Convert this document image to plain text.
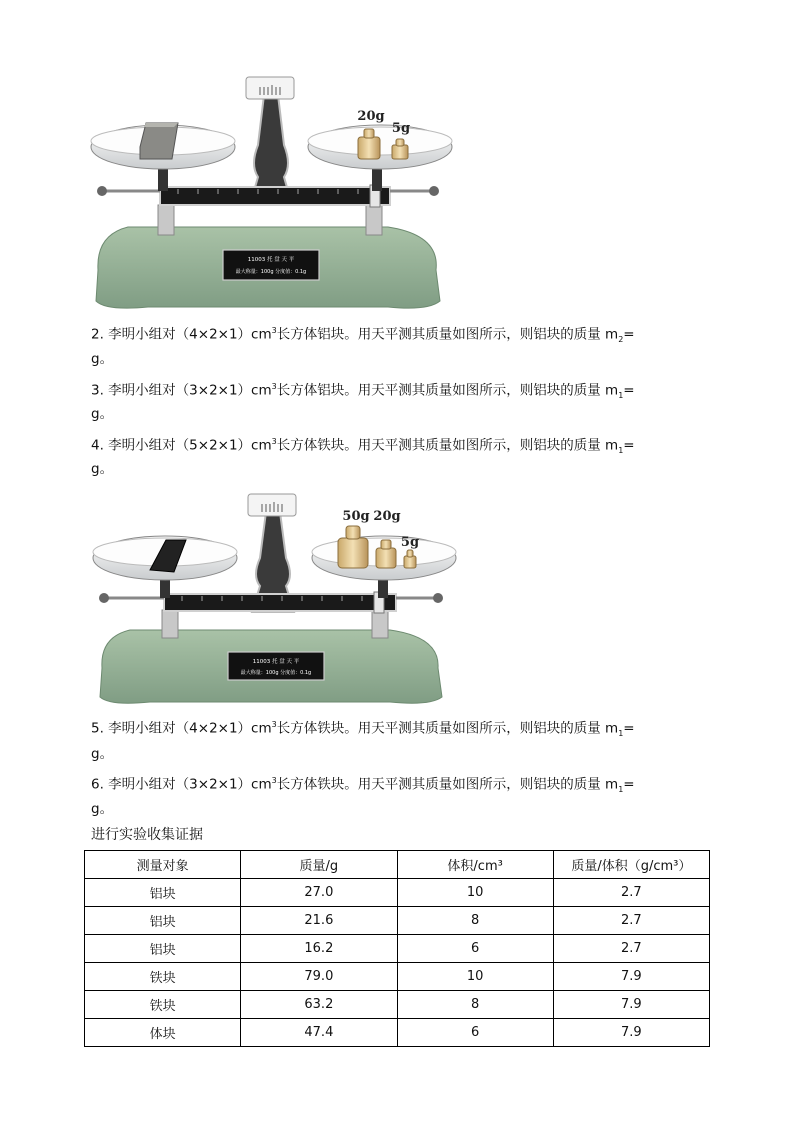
11003 托 盘 天 平
最大称量：100g 分度值：0.1g
20g
5g
2. 李明小组对$(4\times 2\times 1)cm^3$长方体铝块。用天平测其质量如图所示，则铝块的质量 $m_2=$
g。
3. 李明小组对$(3\times 2\times 1)cm^3$长方体铝块。用天平测其质量如图所示，则铝块的质量 $m_1=$
g。
4. 李明小组对$(5\times 2\times 1)cm^3$长方体铁块。用天平测其质量如图所示，则铝块的质量 $m_1=$
g。
11003 托 盘 天 平
最大称量：100g 分度值：0.1g
50g 20g
5g
5. 李明小组对$(4\times 2\times 1)cm^3$长方体铁块。用天平测其质量如图所示，则铝块的质量 $m_1=$
g。
6. 李明小组对$(3\times 2\times 1)cm^3$长方体铁块。用天平测其质量如图所示，则铝块的质量 $m_1=$
g。
进行实验收集证据
测量对象	质量/g	体积/cm³	质量/体积（g/cm³）
铝块	27.0	10	2.7
铝块	21.6	8	2.7
铝块	16.2	6	2.7
铁块	79.0	10	7.9
铁块	63.2	8	7.9
体块	47.4	6	7.9
